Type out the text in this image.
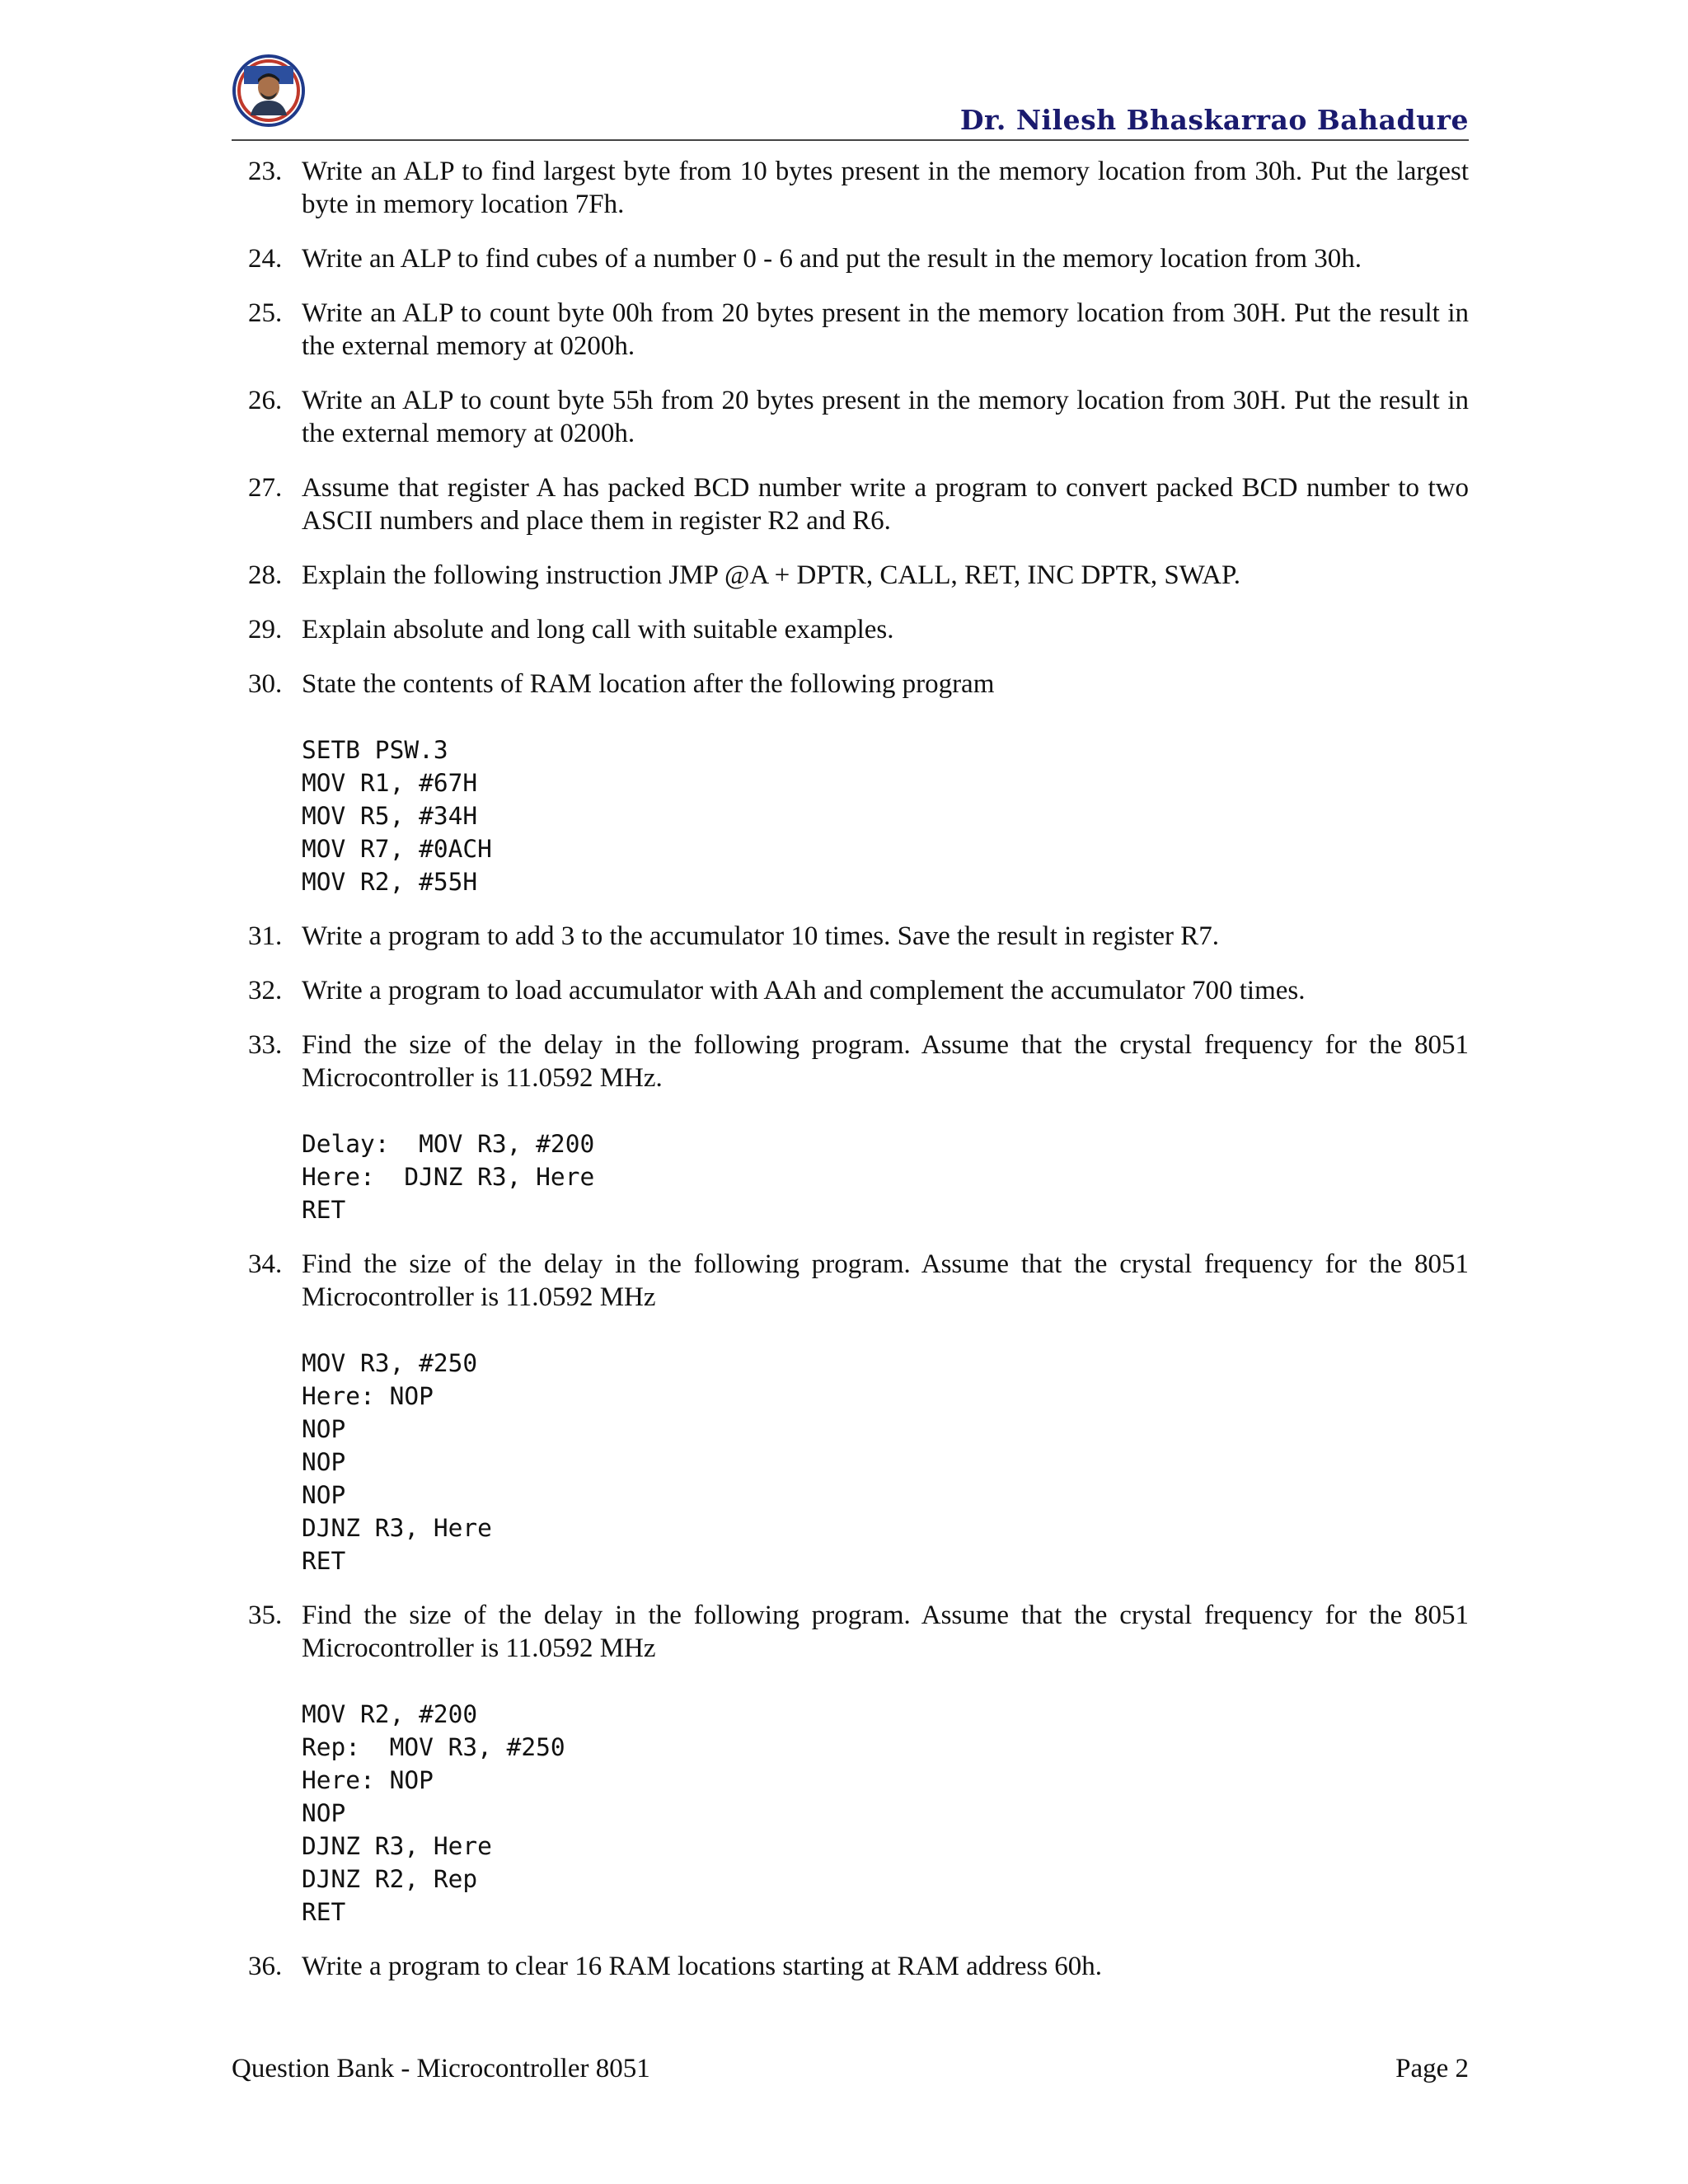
Dr. Nilesh Bhaskarrao Bahadure
23. Write an ALP to find largest byte from 10 bytes present in the memory location from 30h. Put the largest byte in memory location 7Fh.
24. Write an ALP to find cubes of a number 0 - 6 and put the result in the memory location from 30h.
25. Write an ALP to count byte 00h from 20 bytes present in the memory location from 30H. Put the result in the external memory at 0200h.
26. Write an ALP to count byte 55h from 20 bytes present in the memory location from 30H. Put the result in the external memory at 0200h.
27. Assume that register A has packed BCD number write a program to convert packed BCD number to two ASCII numbers and place them in register R2 and R6.
28. Explain the following instruction JMP @A + DPTR, CALL, RET, INC DPTR, SWAP.
29. Explain absolute and long call with suitable examples.
30. State the contents of RAM location after the following program
SETB PSW.3
MOV R1, #67H
MOV R5, #34H
MOV R7, #0ACH
MOV R2, #55H
31. Write a program to add 3 to the accumulator 10 times. Save the result in register R7.
32. Write a program to load accumulator with AAh and complement the accumulator 700 times.
33. Find the size of the delay in the following program. Assume that the crystal frequency for the 8051 Microcontroller is 11.0592 MHz.
Delay:  MOV R3, #200
Here:  DJNZ R3, Here
RET
34. Find the size of the delay in the following program. Assume that the crystal frequency for the 8051 Microcontroller is 11.0592 MHz
MOV R3, #250
Here: NOP
NOP
NOP
NOP
DJNZ R3, Here
RET
35. Find the size of the delay in the following program. Assume that the crystal frequency for the 8051 Microcontroller is 11.0592 MHz
MOV R2, #200
Rep:  MOV R3, #250
Here: NOP
NOP
DJNZ R3, Here
DJNZ R2, Rep
RET
36. Write a program to clear 16 RAM locations starting at RAM address 60h.
Question Bank - Microcontroller 8051	Page 2
